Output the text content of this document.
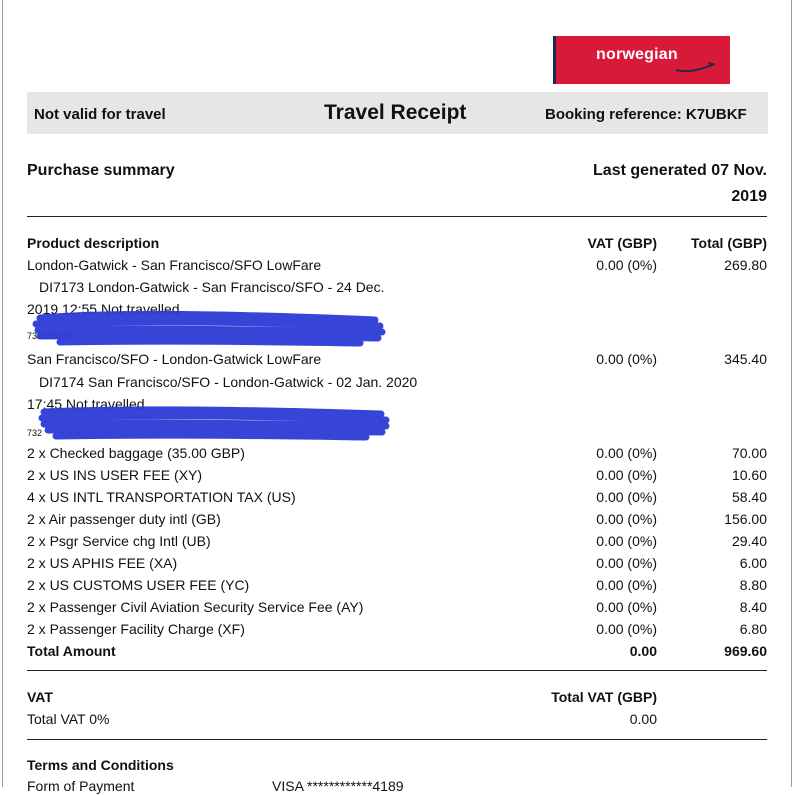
norwegian
Not valid for travel	Travel Receipt	Booking reference: K7UBKF
Purchase summary	Last generated 07 Nov.
2019
Product description	VAT (GBP) Total (GBP)
London-Gatwick - San Francisco/SFO LowFare	0.00 (0%)	269.80
DI7173 London-Gatwick - San Francisco/SFO - 24 Dec.
2019 12:55 Not travelled
7322190151
San Francisco/SFO - London-Gatwick LowFare	0.00 (0%)	345.40
DI7174 San Francisco/SFO - London-Gatwick - 02 Jan. 2020
17:45 Not travelled
732
2 x Checked baggage (35.00 GBP)	0.00 (0%)	70.00
2 x US INS USER FEE (XY)	0.00 (0%)	10.60
4 x US INTL TRANSPORTATION TAX (US)	0.00 (0%)	58.40
2 x Air passenger duty intl (GB)	0.00 (0%)	156.00
2 x Psgr Service chg Intl (UB)	0.00 (0%)	29.40
2 x US APHIS FEE (XA)	0.00 (0%)	6.00
2 x US CUSTOMS USER FEE (YC)	0.00 (0%)	8.80
2 x Passenger Civil Aviation Security Service Fee (AY)	0.00 (0%)	8.40
2 x Passenger Facility Charge (XF)	0.00 (0%)	6.80
Total Amount	0.00	969.60
VAT	Total VAT (GBP)
Total VAT 0%	0.00
Terms and Conditions
Form of Payment	VISA ************4189
